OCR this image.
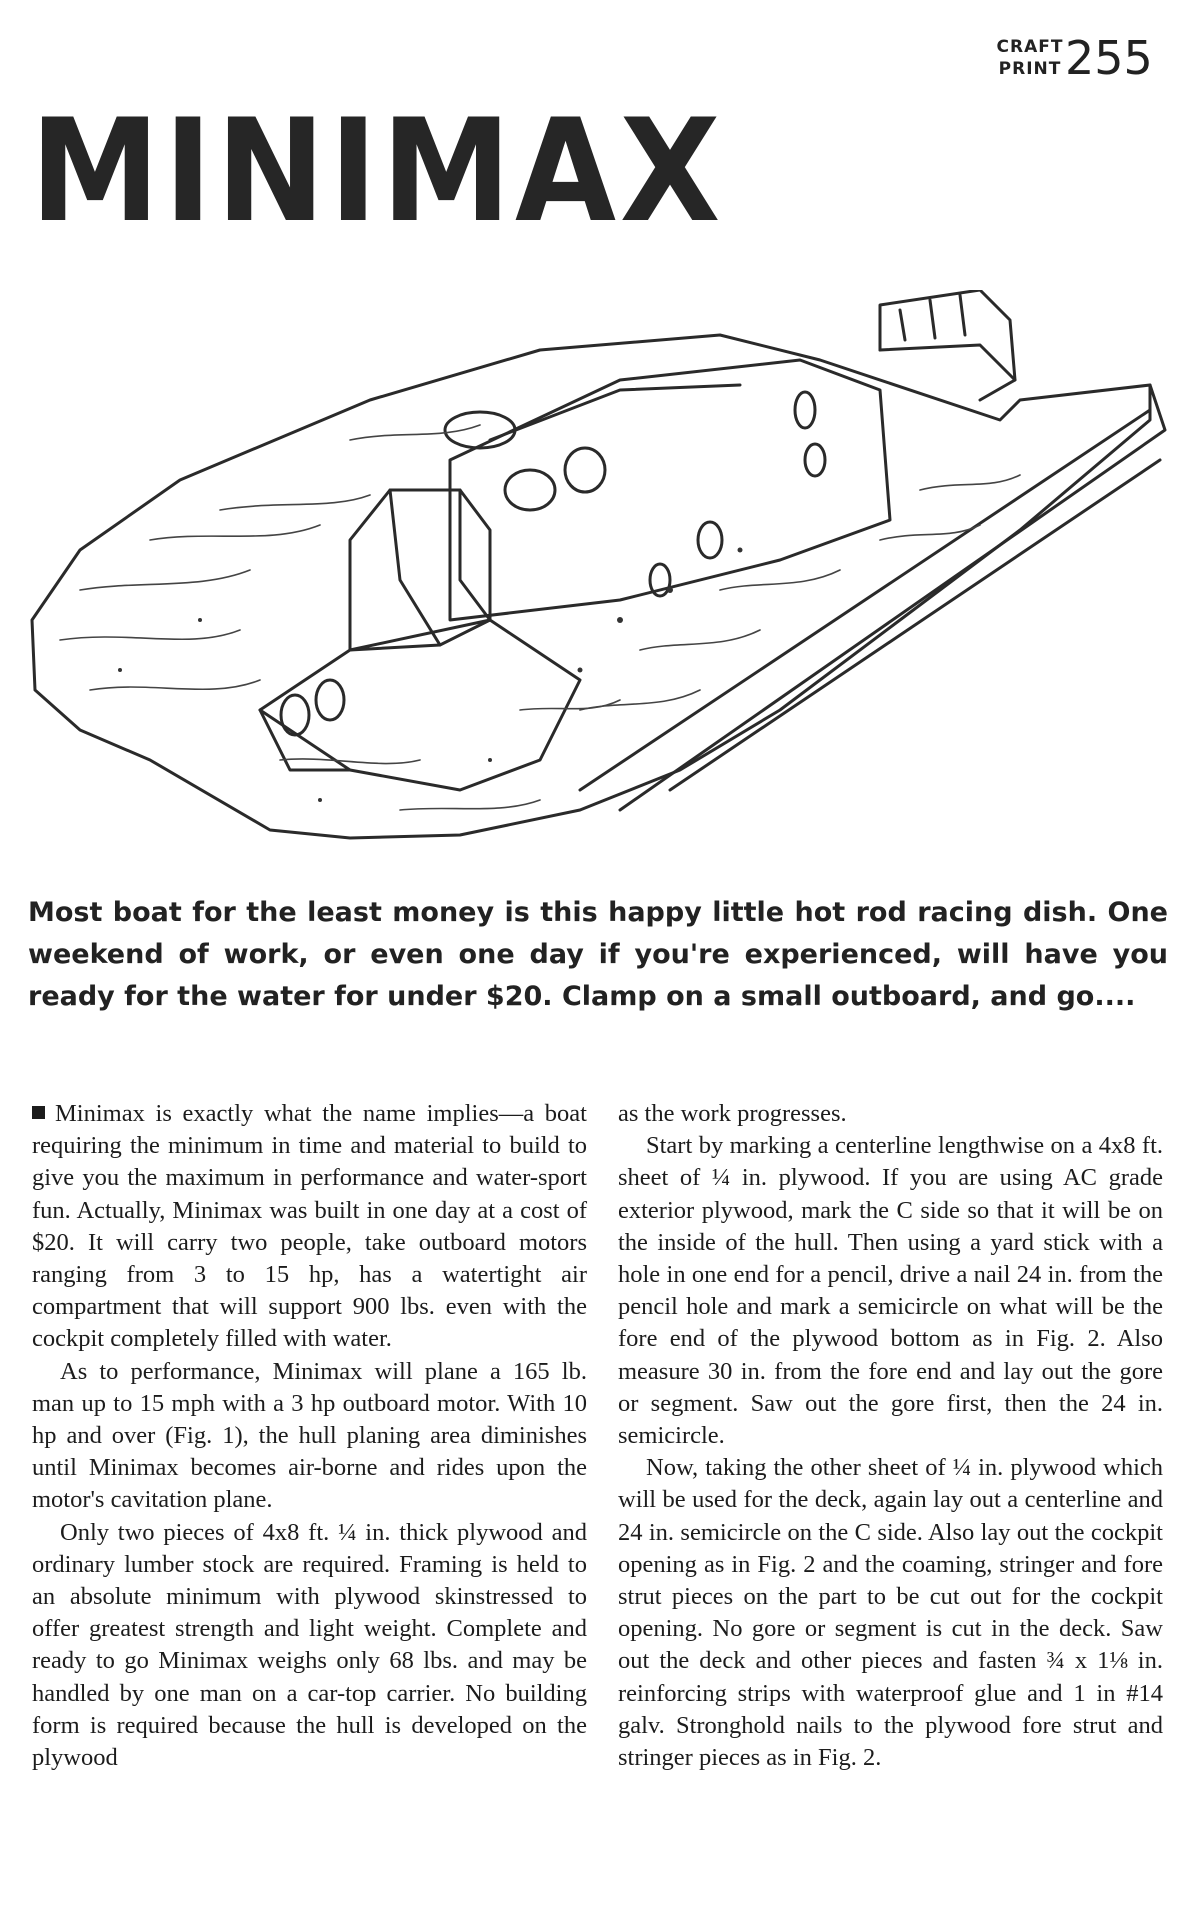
CRAFT
PRINT 255
MINIMAX
Most boat for the least money is this happy little hot rod racing dish. One weekend of work, or even one day if you're experienced, will have you ready for the water for under $20. Clamp on a small outboard, and go....

Minimax is exactly what the name implies—a boat requiring the minimum in time and material to build to give you the maximum in performance and water-sport fun. Actually, Minimax was built in one day at a cost of $20. It will carry two people, take outboard motors ranging from 3 to 15 hp, has a watertight air compartment that will support 900 lbs. even with the cockpit completely filled with water.

As to performance, Minimax will plane a 165 lb. man up to 15 mph with a 3 hp outboard motor. With 10 hp and over (Fig. 1), the hull planing area diminishes until Minimax becomes air-borne and rides upon the motor's cavitation plane.

Only two pieces of 4x8 ft. ¼ in. thick plywood and ordinary lumber stock are required. Framing is held to an absolute minimum with plywood skinstressed to offer greatest strength and light weight. Complete and ready to go Minimax weighs only 68 lbs. and may be handled by one man on a car-top carrier. No building form is required because the hull is developed on the plywood

as the work progresses.

Start by marking a centerline lengthwise on a 4x8 ft. sheet of ¼ in. plywood. If you are using AC grade exterior plywood, mark the C side so that it will be on the inside of the hull. Then using a yard stick with a hole in one end for a pencil, drive a nail 24 in. from the pencil hole and mark a semicircle on what will be the fore end of the plywood bottom as in Fig. 2. Also measure 30 in. from the fore end and lay out the gore or segment. Saw out the gore first, then the 24 in. semicircle.

Now, taking the other sheet of ¼ in. plywood which will be used for the deck, again lay out a centerline and 24 in. semicircle on the C side. Also lay out the cockpit opening as in Fig. 2 and the coaming, stringer and fore strut pieces on the part to be cut out for the cockpit opening. No gore or segment is cut in the deck. Saw out the deck and other pieces and fasten ¾ x 1⅛ in. reinforcing strips with waterproof glue and 1 in #14 galv. Stronghold nails to the plywood fore strut and stringer pieces as in Fig. 2.
